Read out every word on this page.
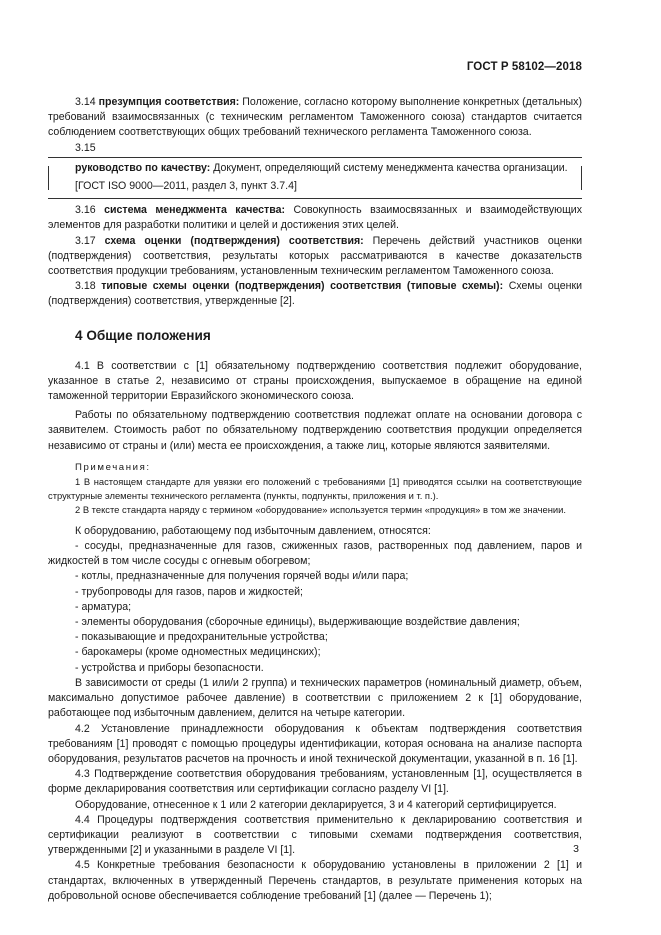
ГОСТ Р 58102—2018

3.14 презумпция соответствия: Положение, согласно которому выполнение конкретных (детальных) требований взаимосвязанных (с техническим регламентом Таможенного союза) стандартов считается соблюдением соответствующих общих требований технического регламента Таможенного союза.

3.15

руководство по качеству: Документ, определяющий систему менеджмента качества организации.

[ГОСТ ISO 9000—2011, раздел 3, пункт 3.7.4]

3.16 система менеджмента качества: Совокупность взаимосвязанных и взаимодействующих элементов для разработки политики и целей и достижения этих целей.

3.17 схема оценки (подтверждения) соответствия: Перечень действий участников оценки (подтверждения) соответствия, результаты которых рассматриваются в качестве доказательств соответствия продукции требованиям, установленным техническим регламентом Таможенного союза.

3.18 типовые схемы оценки (подтверждения) соответствия (типовые схемы): Схемы оценки (подтверждения) соответствия, утвержденные [2].

4 Общие положения

4.1 В соответствии с [1] обязательному подтверждению соответствия подлежит оборудование, указанное в статье 2, независимо от страны происхождения, выпускаемое в обращение на единой таможенной территории Евразийского экономического союза.

Работы по обязательному подтверждению соответствия подлежат оплате на основании договора с заявителем. Стоимость работ по обязательному подтверждению соответствия продукции определяется независимо от страны и (или) места ее происхождения, а также лиц, которые являются заявителями.

Примечания:

1 В настоящем стандарте для увязки его положений с требованиями [1] приводятся ссылки на соответствующие структурные элементы технического регламента (пункты, подпункты, приложения и т. п.).

2 В тексте стандарта наряду с термином «оборудование» используется термин «продукция» в том же значении.

К оборудованию, работающему под избыточным давлением, относятся:

- сосуды, предназначенные для газов, сжиженных газов, растворенных под давлением, паров и жидкостей в том числе сосуды с огневым обогревом;

- котлы, предназначенные для получения горячей воды и/или пара;

- трубопроводы для газов, паров и жидкостей;

- арматура;

- элементы оборудования (сборочные единицы), выдерживающие воздействие давления;

- показывающие и предохранительные устройства;

- барокамеры (кроме одноместных медицинских);

- устройства и приборы безопасности.

В зависимости от среды (1 или/и 2 группа) и технических параметров (номинальный диаметр, объем, максимально допустимое рабочее давление) в соответствии с приложением 2 к [1] оборудование, работающее под избыточным давлением, делится на четыре категории.

4.2 Установление принадлежности оборудования к объектам подтверждения соответствия требованиям [1] проводят с помощью процедуры идентификации, которая основана на анализе паспорта оборудования, результатов расчетов на прочность и иной технической документации, указанной в п. 16 [1].

4.3 Подтверждение соответствия оборудования требованиям, установленным [1], осуществляется в форме декларирования соответствия или сертификации согласно разделу VI [1].

Оборудование, отнесенное к 1 или 2 категории декларируется, 3 и 4 категорий сертифицируется.

4.4 Процедуры подтверждения соответствия применительно к декларированию соответствия и сертификации реализуют в соответствии с типовыми схемами подтверждения соответствия, утвержденными [2] и указанными в разделе VI [1].

4.5 Конкретные требования безопасности к оборудованию установлены в приложении 2 [1] и стандартах, включенных в утвержденный Перечень стандартов, в результате применения которых на добровольной основе обеспечивается соблюдение требований [1] (далее — Перечень 1);

3
